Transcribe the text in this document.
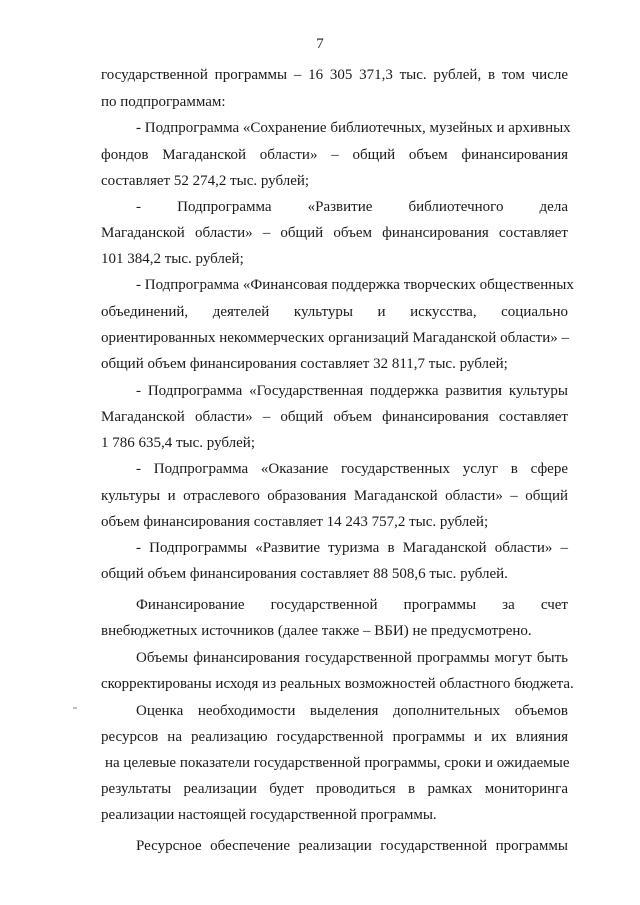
7
государственной программы – 16 305 371,3 тыс. рублей, в том числе
по подпрограммам:
- Подпрограмма «Сохранение библиотечных, музейных и архивных
фондов Магаданской области» – общий объем финансирования
составляет 52 274,2 тыс. рублей;
- Подпрограмма «Развитие библиотечного дела
Магаданской области» – общий объем финансирования составляет
101 384,2 тыс. рублей;
- Подпрограмма «Финансовая поддержка творческих общественных
объединений, деятелей культуры и искусства, социально
ориентированных некоммерческих организаций Магаданской области» –
общий объем финансирования составляет 32 811,7 тыс. рублей;
- Подпрограмма «Государственная поддержка развития культуры
Магаданской области» – общий объем финансирования составляет
1 786 635,4 тыс. рублей;
- Подпрограмма «Оказание государственных услуг в сфере
культуры и отраслевого образования Магаданской области» – общий
объем финансирования составляет 14 243 757,2 тыс. рублей;
- Подпрограммы «Развитие туризма в Магаданской области» –
общий объем финансирования составляет 88 508,6 тыс. рублей.
Финансирование государственной программы за счет
внебюджетных источников (далее также – ВБИ) не предусмотрено.
Объемы финансирования государственной программы могут быть
скорректированы исходя из реальных возможностей областного бюджета.
Оценка необходимости выделения дополнительных объемов
ресурсов на реализацию государственной программы и их влияния
на целевые показатели государственной программы, сроки и ожидаемые
результаты реализации будет проводиться в рамках мониторинга
реализации настоящей государственной программы.
Ресурсное обеспечение реализации государственной программы
